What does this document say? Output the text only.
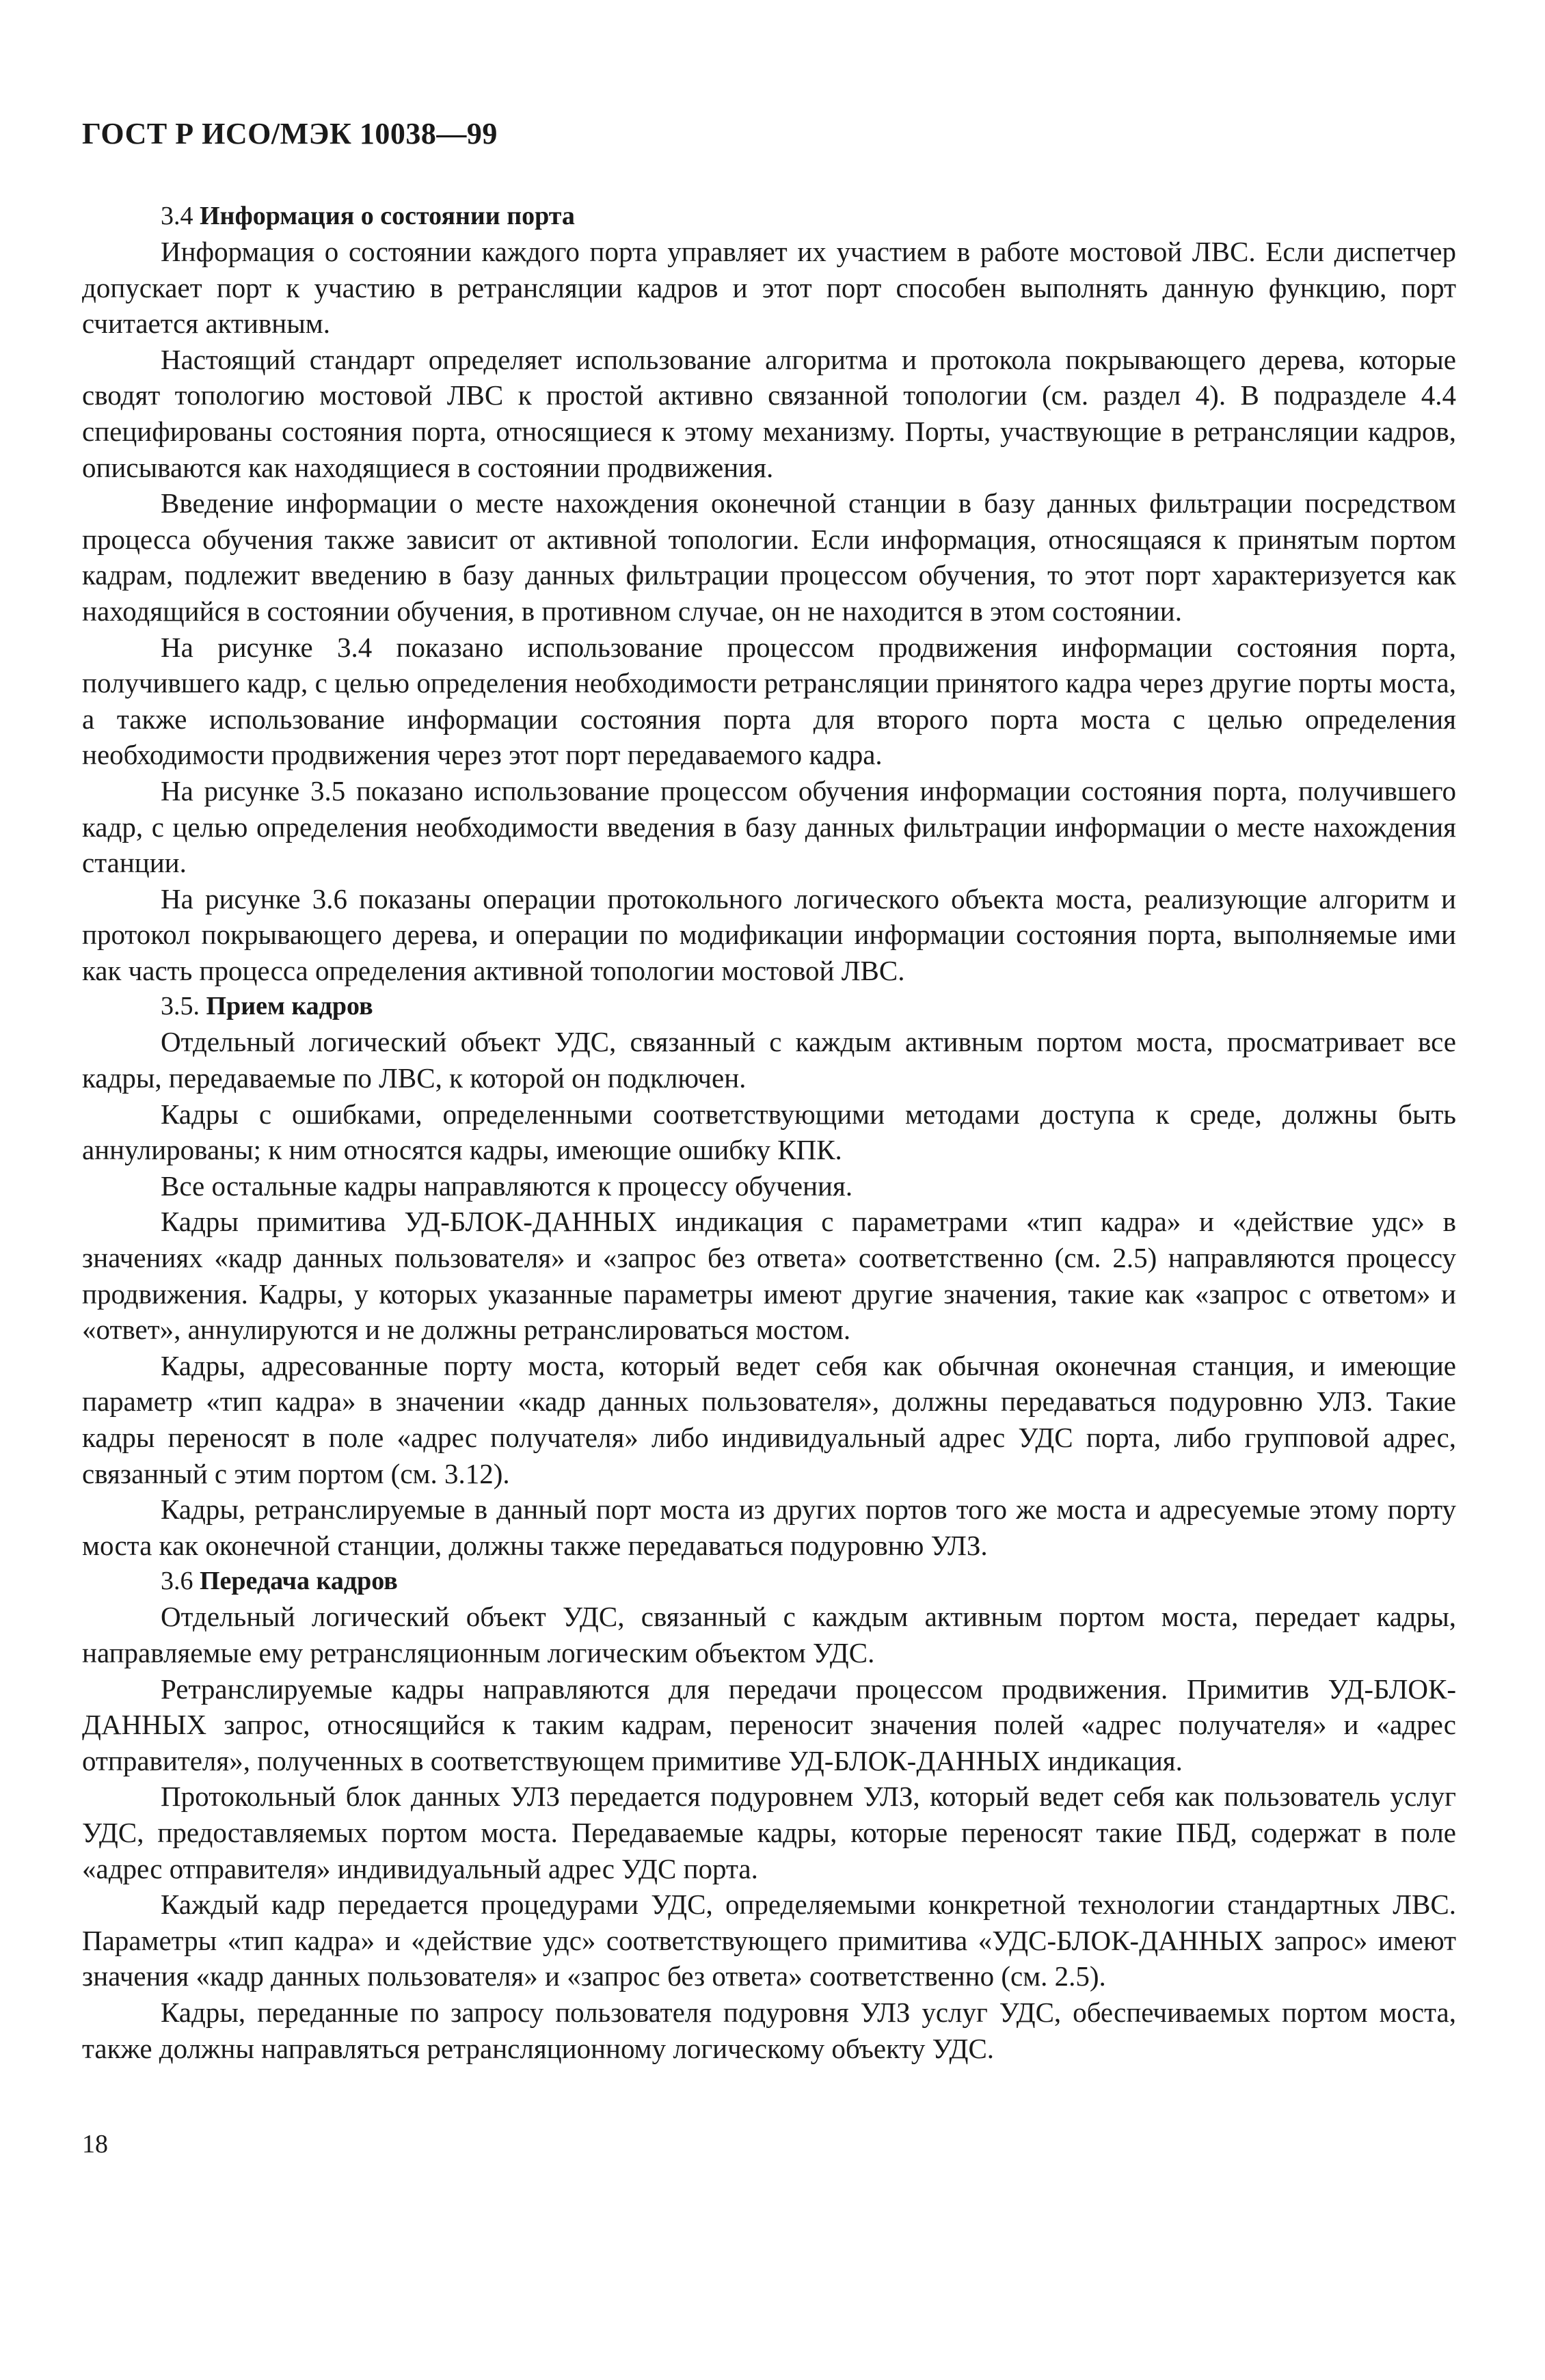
ГОСТ Р ИСО/МЭК 10038—99

3.4 Информация о состоянии порта

Информация о состоянии каждого порта управляет их участием в работе мостовой ЛВС. Если диспетчер допускает порт к участию в ретрансляции кадров и этот порт способен выполнять данную функцию, порт считается активным.

Настоящий стандарт определяет использование алгоритма и протокола покрывающего дерева, которые сводят топологию мостовой ЛВС к простой активно связанной топологии (см. раздел 4). В подразделе 4.4 специфированы состояния порта, относящиеся к этому механизму. Порты, участвующие в ретрансляции кадров, описываются как находящиеся в состоянии продвижения.

Введение информации о месте нахождения оконечной станции в базу данных фильтрации посредством процесса обучения также зависит от активной топологии. Если информация, относящаяся к принятым портом кадрам, подлежит введению в базу данных фильтрации процессом обучения, то этот порт характеризуется как находящийся в состоянии обучения, в противном случае, он не находится в этом состоянии.

На рисунке 3.4 показано использование процессом продвижения информации состояния порта, получившего кадр, с целью определения необходимости ретрансляции принятого кадра через другие порты моста, а также использование информации состояния порта для второго порта моста с целью определения необходимости продвижения через этот порт передаваемого кадра.

На рисунке 3.5 показано использование процессом обучения информации состояния порта, получившего кадр, с целью определения необходимости введения в базу данных фильтрации информации о месте нахождения станции.

На рисунке 3.6 показаны операции протокольного логического объекта моста, реализующие алгоритм и протокол покрывающего дерева, и операции по модификации информации состояния порта, выполняемые ими как часть процесса определения активной топологии мостовой ЛВС.

3.5. Прием кадров

Отдельный логический объект УДС, связанный с каждым активным портом моста, просматривает все кадры, передаваемые по ЛВС, к которой он подключен.

Кадры с ошибками, определенными соответствующими методами доступа к среде, должны быть аннулированы; к ним относятся кадры, имеющие ошибку КПК.

Все остальные кадры направляются к процессу обучения.

Кадры примитива УД-БЛОК-ДАННЫХ индикация с параметрами «тип кадра» и «действие удс» в значениях «кадр данных пользователя» и «запрос без ответа» соответственно (см. 2.5) направляются процессу продвижения. Кадры, у которых указанные параметры имеют другие значения, такие как «запрос с ответом» и «ответ», аннулируются и не должны ретранслироваться мостом.

Кадры, адресованные порту моста, который ведет себя как обычная оконечная станция, и имеющие параметр «тип кадра» в значении «кадр данных пользователя», должны передаваться подуровню УЛЗ. Такие кадры переносят в поле «адрес получателя» либо индивидуальный адрес УДС порта, либо групповой адрес, связанный с этим портом (см. 3.12).

Кадры, ретранслируемые в данный порт моста из других портов того же моста и адресуемые этому порту моста как оконечной станции, должны также передаваться подуровню УЛЗ.

3.6 Передача кадров

Отдельный логический объект УДС, связанный с каждым активным портом моста, передает кадры, направляемые ему ретрансляционным логическим объектом УДС.

Ретранслируемые кадры направляются для передачи процессом продвижения. Примитив УД-БЛОК-ДАННЫХ запрос, относящийся к таким кадрам, переносит значения полей «адрес получателя» и «адрес отправителя», полученных в соответствующем примитиве УД-БЛОК-ДАННЫХ индикация.

Протокольный блок данных УЛЗ передается подуровнем УЛЗ, который ведет себя как пользователь услуг УДС, предоставляемых портом моста. Передаваемые кадры, которые переносят такие ПБД, содержат в поле «адрес отправителя» индивидуальный адрес УДС порта.

Каждый кадр передается процедурами УДС, определяемыми конкретной технологии стандартных ЛВС. Параметры «тип кадра» и «действие удс» соответствующего примитива «УДС-БЛОК-ДАННЫХ запрос» имеют значения «кадр данных пользователя» и «запрос без ответа» соответственно (см. 2.5).

Кадры, переданные по запросу пользователя подуровня УЛЗ услуг УДС, обеспечиваемых портом моста, также должны направляться ретрансляционному логическому объекту УДС.

18
